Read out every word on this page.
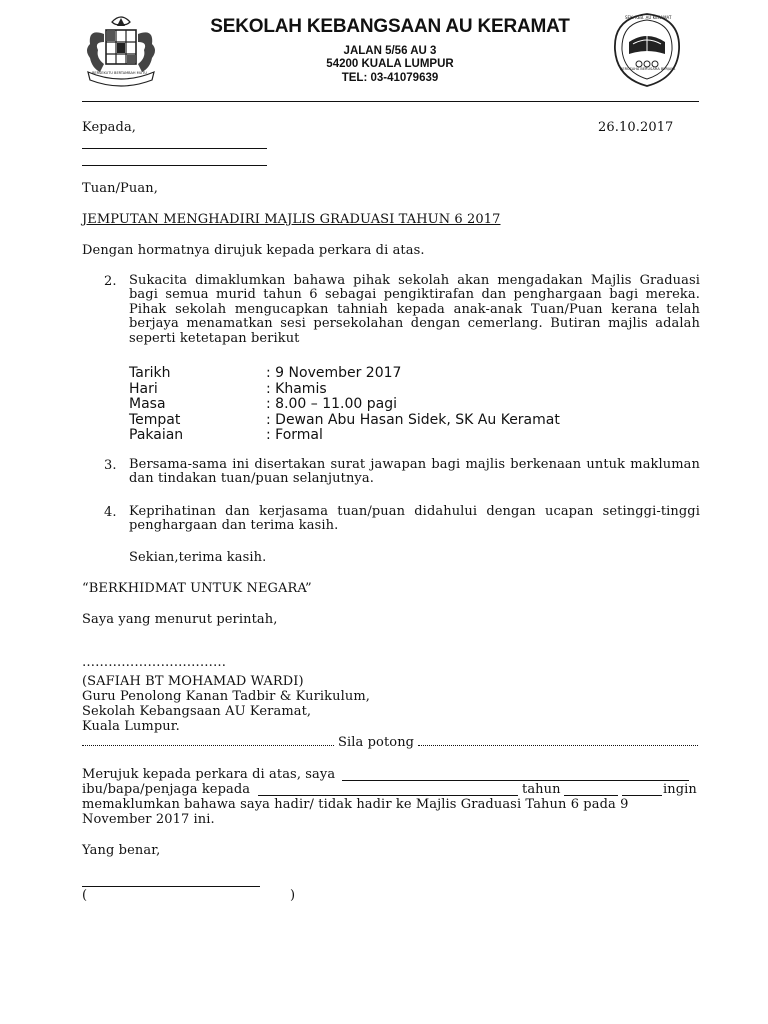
BERSEKUTU BERTAMBAH MUTU
SEKOLAH KEBANGSAAN AU KERAMAT
JALAN 5/56 AU 3
54200 KUALA LUMPUR
TEL: 03-41079639
SEK. KEB. AU KERAMAT
BERUSAHA BERUSAHA BERJAYA
Kepada,	26.10.2017
Tuan/Puan,
JEMPUTAN MENGHADIRI MAJLIS GRADUASI TAHUN 6 2017
Dengan hormatnya dirujuk kepada perkara di atas.
2. Sukacita dimaklumkan bahawa pihak sekolah akan mengadakan Majlis Graduasi bagi semua murid tahun 6 sebagai pengiktirafan dan penghargaan bagi mereka. Pihak sekolah mengucapkan tahniah kepada anak-anak Tuan/Puan kerana telah berjaya menamatkan sesi persekolahan dengan cemerlang. Butiran majlis adalah seperti ketetapan berikut
Tarikh	: 9 November 2017
Hari	: Khamis
Masa	: 8.00 – 11.00 pagi
Tempat	: Dewan Abu Hasan Sidek, SK Au Keramat
Pakaian	: Formal
3. Bersama-sama ini disertakan surat jawapan bagi majlis berkenaan untuk makluman dan tindakan tuan/puan selanjutnya.
4. Keprihatinan dan kerjasama tuan/puan didahului dengan ucapan setinggi-tinggi penghargaan dan terima kasih.
Sekian,terima kasih.
“BERKHIDMAT UNTUK NEGARA”
Saya yang menurut perintah,
……………………………
(SAFIAH BT MOHAMAD WARDI)
Guru Penolong Kanan Tadbir & Kurikulum,
Sekolah Kebangsaan AU Keramat,
Kuala Lumpur.
Sila potong
Merujuk kepada perkara di atas, saya
ibu/bapa/penjaga kepada	tahun	ingin
memaklumkan bahawa saya hadir/ tidak hadir ke Majlis Graduasi Tahun 6 pada 9
November 2017 ini.
Yang benar,
(	)
